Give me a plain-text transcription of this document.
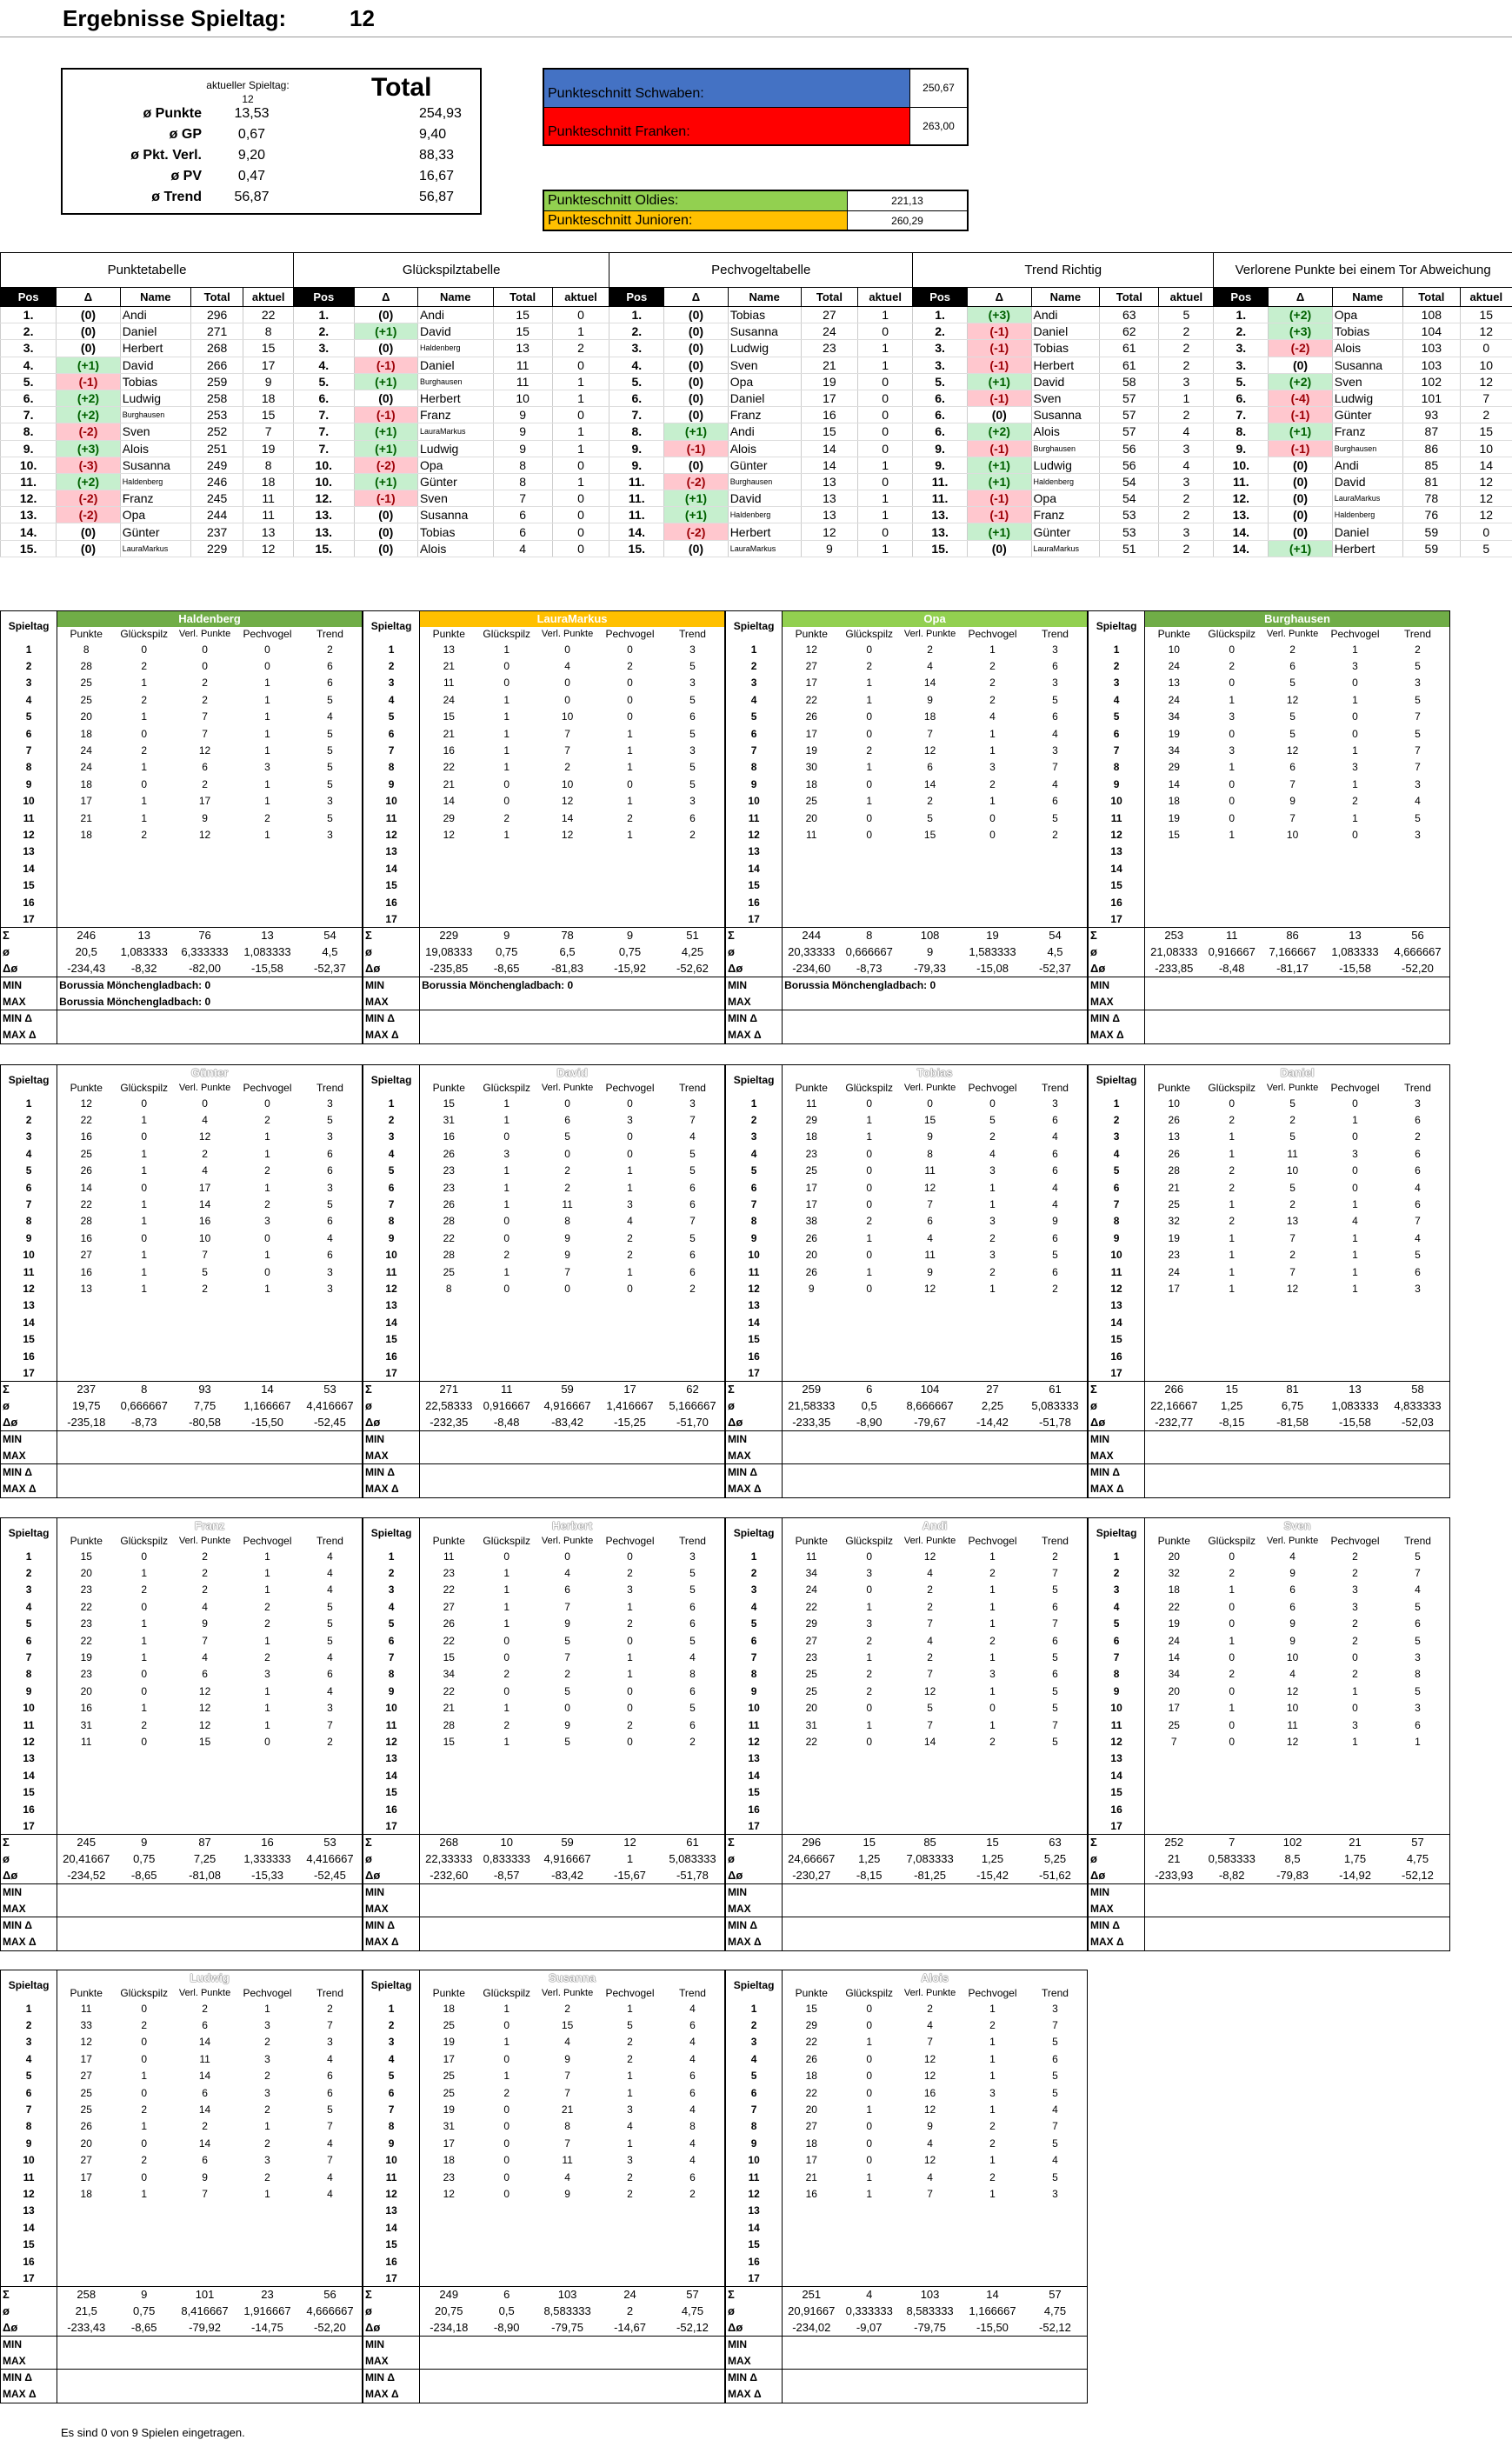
Ergebnisse Spieltag:	12
aktueller Spieltag: 12	Total
ø Punkte	13,53	254,93
ø GP	0,67	9,40
ø Pkt. Verl.	9,20	88,33
ø PV	0,47	16,67
ø Trend	56,87	56,87
Punkteschnitt Schwaben:	250,67
Punkteschnitt Franken:	263,00
Punkteschnitt Oldies:	221,13
Punkteschnitt Junioren:	260,29
Punktetabelle					Glückspilztabelle					Pechvogeltabelle					Trend Richtig					Verlorene Punkte bei einem Tor Abweichung				
Pos	Δ	Name	Total	aktuel	Pos	Δ	Name	Total	aktuel	Pos	Δ	Name	Total	aktuel	Pos	Δ	Name	Total	aktuel	Pos	Δ	Name	Total	aktuel
1.	(0)	Andi	296	22	1.	(0)	Andi	15	0	1.	(0)	Tobias	27	1	1.	(+3)	Andi	63	5	1.	(+2)	Opa	108	15
2.	(0)	Daniel	271	8	2.	(+1)	David	15	1	2.	(0)	Susanna	24	0	2.	(-1)	Daniel	62	2	2.	(+3)	Tobias	104	12
3.	(0)	Herbert	268	15	3.	(0)	Haldenberg	13	2	3.	(0)	Ludwig	23	1	3.	(-1)	Tobias	61	2	3.	(-2)	Alois	103	0
4.	(+1)	David	266	17	4.	(-1)	Daniel	11	0	4.	(0)	Sven	21	1	3.	(-1)	Herbert	61	2	3.	(0)	Susanna	103	10
5.	(-1)	Tobias	259	9	5.	(+1)	Burghausen	11	1	5.	(0)	Opa	19	0	5.	(+1)	David	58	3	5.	(+2)	Sven	102	12
6.	(+2)	Ludwig	258	18	6.	(0)	Herbert	10	1	6.	(0)	Daniel	17	0	6.	(-1)	Sven	57	1	6.	(-4)	Ludwig	101	7
7.	(+2)	Burghausen	253	15	7.	(-1)	Franz	9	0	7.	(0)	Franz	16	0	6.	(0)	Susanna	57	2	7.	(-1)	Günter	93	2
8.	(-2)	Sven	252	7	7.	(+1)	LauraMarkus	9	1	8.	(+1)	Andi	15	0	6.	(+2)	Alois	57	4	8.	(+1)	Franz	87	15
9.	(+3)	Alois	251	19	7.	(+1)	Ludwig	9	1	9.	(-1)	Alois	14	0	9.	(-1)	Burghausen	56	3	9.	(-1)	Burghausen	86	10
10.	(-3)	Susanna	249	8	10.	(-2)	Opa	8	0	9.	(0)	Günter	14	1	9.	(+1)	Ludwig	56	4	10.	(0)	Andi	85	14
11.	(+2)	Haldenberg	246	18	10.	(+1)	Günter	8	1	11.	(-2)	Burghausen	13	0	11.	(+1)	Haldenberg	54	3	11.	(0)	David	81	12
12.	(-2)	Franz	245	11	12.	(-1)	Sven	7	0	11.	(+1)	David	13	1	11.	(-1)	Opa	54	2	12.	(0)	LauraMarkus	78	12
13.	(-2)	Opa	244	11	13.	(0)	Susanna	6	0	11.	(+1)	Haldenberg	13	1	13.	(-1)	Franz	53	2	13.	(0)	Haldenberg	76	12
14.	(0)	Günter	237	13	13.	(0)	Tobias	6	0	14.	(-2)	Herbert	12	0	13.	(+1)	Günter	53	3	14.	(0)	Daniel	59	0
15.	(0)	LauraMarkus	229	12	15.	(0)	Alois	4	0	15.	(0)	LauraMarkus	9	1	15.	(0)	LauraMarkus	51	2	14.	(+1)	Herbert	59	5
Spieltag	Haldenberg				
	Punkte	Glückspilz	Verl. Punkte	Pechvogel	Trend
1	8	0	0	0	2
2	28	2	0	0	6
3	25	1	2	1	6
4	25	2	2	1	5
5	20	1	7	1	4
6	18	0	7	1	5
7	24	2	12	1	5
8	24	1	6	3	5
9	18	0	2	1	5
10	17	1	17	1	3
11	21	1	9	2	5
12	18	2	12	1	3
13					
14					
15					
16					
17					
Σ	246	13	76	13	54
ø	20,5	1,083333	6,333333	1,083333	4,5
Δø	-234,43	-8,32	-82,00	-15,58	-52,37
MIN	Borussia Mönchengladbach: 0				
MAX	Borussia Mönchengladbach: 0				
MIN Δ					
MAX Δ					
Spieltag	LauraMarkus				
	Punkte	Glückspilz	Verl. Punkte	Pechvogel	Trend
1	13	1	0	0	3
2	21	0	4	2	5
3	11	0	0	0	3
4	24	1	0	0	5
5	15	1	10	0	6
6	21	1	7	1	5
7	16	1	7	1	3
8	22	1	2	1	5
9	21	0	10	0	5
10	14	0	12	1	3
11	29	2	14	2	6
12	12	1	12	1	2
13					
14					
15					
16					
17					
Σ	229	9	78	9	51
ø	19,08333	0,75	6,5	0,75	4,25
Δø	-235,85	-8,65	-81,83	-15,92	-52,62
MIN	Borussia Mönchengladbach: 0				
MAX					
MIN Δ					
MAX Δ					
Spieltag	Opa				
	Punkte	Glückspilz	Verl. Punkte	Pechvogel	Trend
1	12	0	2	1	3
2	27	2	4	2	6
3	17	1	14	2	3
4	22	1	9	2	5
5	26	0	18	4	6
6	17	0	7	1	4
7	19	2	12	1	3
8	30	1	6	3	7
9	18	0	14	2	4
10	25	1	2	1	6
11	20	0	5	0	5
12	11	0	15	0	2
13					
14					
15					
16					
17					
Σ	244	8	108	19	54
ø	20,33333	0,666667	9	1,583333	4,5
Δø	-234,60	-8,73	-79,33	-15,08	-52,37
MIN	Borussia Mönchengladbach: 0				
MAX					
MIN Δ					
MAX Δ					
Spieltag	Burghausen				
	Punkte	Glückspilz	Verl. Punkte	Pechvogel	Trend
1	10	0	2	1	2
2	24	2	6	3	5
3	13	0	5	0	3
4	24	1	12	1	5
5	34	3	5	0	7
6	19	0	5	0	5
7	34	3	12	1	7
8	29	1	6	3	7
9	14	0	7	1	3
10	18	0	9	2	4
11	19	0	7	1	5
12	15	1	10	0	3
13					
14					
15					
16					
17					
Σ	253	11	86	13	56
ø	21,08333	0,916667	7,166667	1,083333	4,666667
Δø	-233,85	-8,48	-81,17	-15,58	-52,20
MIN					
MAX					
MIN Δ					
MAX Δ					
Spieltag	Günter				
	Punkte	Glückspilz	Verl. Punkte	Pechvogel	Trend
1	12	0	0	0	3
2	22	1	4	2	5
3	16	0	12	1	3
4	25	1	2	1	6
5	26	1	4	2	6
6	14	0	17	1	3
7	22	1	14	2	5
8	28	1	16	3	6
9	16	0	10	0	4
10	27	1	7	1	6
11	16	1	5	0	3
12	13	1	2	1	3
13					
14					
15					
16					
17					
Σ	237	8	93	14	53
ø	19,75	0,666667	7,75	1,166667	4,416667
Δø	-235,18	-8,73	-80,58	-15,50	-52,45
MIN					
MAX					
MIN Δ					
MAX Δ					
Spieltag	David				
	Punkte	Glückspilz	Verl. Punkte	Pechvogel	Trend
1	15	1	0	0	3
2	31	1	6	3	7
3	16	0	5	0	4
4	26	3	0	0	5
5	23	1	2	1	5
6	23	1	2	1	6
7	26	1	11	3	6
8	28	0	8	4	7
9	22	0	9	2	5
10	28	2	9	2	6
11	25	1	7	1	6
12	8	0	0	0	2
13					
14					
15					
16					
17					
Σ	271	11	59	17	62
ø	22,58333	0,916667	4,916667	1,416667	5,166667
Δø	-232,35	-8,48	-83,42	-15,25	-51,70
MIN					
MAX					
MIN Δ					
MAX Δ					
Spieltag	Tobias				
	Punkte	Glückspilz	Verl. Punkte	Pechvogel	Trend
1	11	0	0	0	3
2	29	1	15	5	6
3	18	1	9	2	4
4	23	0	8	4	6
5	25	0	11	3	6
6	17	0	12	1	4
7	17	0	7	1	4
8	38	2	6	3	9
9	26	1	4	2	6
10	20	0	11	3	5
11	26	1	9	2	6
12	9	0	12	1	2
13					
14					
15					
16					
17					
Σ	259	6	104	27	61
ø	21,58333	0,5	8,666667	2,25	5,083333
Δø	-233,35	-8,90	-79,67	-14,42	-51,78
MIN					
MAX					
MIN Δ					
MAX Δ					
Spieltag	Daniel				
	Punkte	Glückspilz	Verl. Punkte	Pechvogel	Trend
1	10	0	5	0	3
2	26	2	2	1	6
3	13	1	5	0	2
4	26	1	11	3	6
5	28	2	10	0	6
6	21	2	5	0	4
7	25	1	2	1	6
8	32	2	13	4	7
9	19	1	7	1	4
10	23	1	2	1	5
11	24	1	7	1	6
12	17	1	12	1	3
13					
14					
15					
16					
17					
Σ	266	15	81	13	58
ø	22,16667	1,25	6,75	1,083333	4,833333
Δø	-232,77	-8,15	-81,58	-15,58	-52,03
MIN					
MAX					
MIN Δ					
MAX Δ					
Spieltag	Franz				
	Punkte	Glückspilz	Verl. Punkte	Pechvogel	Trend
1	15	0	2	1	4
2	20	1	2	1	4
3	23	2	2	1	4
4	22	0	4	2	5
5	23	1	9	2	5
6	22	1	7	1	5
7	19	1	4	2	4
8	23	0	6	3	6
9	20	0	12	1	4
10	16	1	12	1	3
11	31	2	12	1	7
12	11	0	15	0	2
13					
14					
15					
16					
17					
Σ	245	9	87	16	53
ø	20,41667	0,75	7,25	1,333333	4,416667
Δø	-234,52	-8,65	-81,08	-15,33	-52,45
MIN					
MAX					
MIN Δ					
MAX Δ					
Spieltag	Herbert				
	Punkte	Glückspilz	Verl. Punkte	Pechvogel	Trend
1	11	0	0	0	3
2	23	1	4	2	5
3	22	1	6	3	5
4	27	1	7	1	6
5	26	1	9	2	6
6	22	0	5	0	5
7	15	0	7	1	4
8	34	2	2	1	8
9	22	0	5	0	6
10	21	1	0	0	5
11	28	2	9	2	6
12	15	1	5	0	2
13					
14					
15					
16					
17					
Σ	268	10	59	12	61
ø	22,33333	0,833333	4,916667	1	5,083333
Δø	-232,60	-8,57	-83,42	-15,67	-51,78
MIN					
MAX					
MIN Δ					
MAX Δ					
Spieltag	Andi				
	Punkte	Glückspilz	Verl. Punkte	Pechvogel	Trend
1	11	0	12	1	2
2	34	3	4	2	7
3	24	0	2	1	5
4	22	1	2	1	6
5	29	3	7	1	7
6	27	2	4	2	6
7	23	1	2	1	5
8	25	2	7	3	6
9	25	2	12	1	5
10	20	0	5	0	5
11	31	1	7	1	7
12	22	0	14	2	5
13					
14					
15					
16					
17					
Σ	296	15	85	15	63
ø	24,66667	1,25	7,083333	1,25	5,25
Δø	-230,27	-8,15	-81,25	-15,42	-51,62
MIN					
MAX					
MIN Δ					
MAX Δ					
Spieltag	Sven				
	Punkte	Glückspilz	Verl. Punkte	Pechvogel	Trend
1	20	0	4	2	5
2	32	2	9	2	7
3	18	1	6	3	4
4	22	0	6	3	5
5	19	0	9	2	6
6	24	1	9	2	5
7	14	0	10	0	3
8	34	2	4	2	8
9	20	0	12	1	5
10	17	1	10	0	3
11	25	0	11	3	6
12	7	0	12	1	1
13					
14					
15					
16					
17					
Σ	252	7	102	21	57
ø	21	0,583333	8,5	1,75	4,75
Δø	-233,93	-8,82	-79,83	-14,92	-52,12
MIN					
MAX					
MIN Δ					
MAX Δ					
Spieltag	Ludwig				
	Punkte	Glückspilz	Verl. Punkte	Pechvogel	Trend
1	11	0	2	1	2
2	33	2	6	3	7
3	12	0	14	2	3
4	17	0	11	3	4
5	27	1	14	2	6
6	25	0	6	3	6
7	25	2	14	2	5
8	26	1	2	1	7
9	20	0	14	2	4
10	27	2	6	3	7
11	17	0	9	2	4
12	18	1	7	1	4
13					
14					
15					
16					
17					
Σ	258	9	101	23	56
ø	21,5	0,75	8,416667	1,916667	4,666667
Δø	-233,43	-8,65	-79,92	-14,75	-52,20
MIN					
MAX					
MIN Δ					
MAX Δ					
Spieltag	Susanna				
	Punkte	Glückspilz	Verl. Punkte	Pechvogel	Trend
1	18	1	2	1	4
2	25	0	15	5	6
3	19	1	4	2	4
4	17	0	9	2	4
5	25	1	7	1	6
6	25	2	7	1	6
7	19	0	21	3	4
8	31	0	8	4	8
9	17	0	7	1	4
10	18	0	11	3	4
11	23	0	4	2	6
12	12	0	9	2	2
13					
14					
15					
16					
17					
Σ	249	6	103	24	57
ø	20,75	0,5	8,583333	2	4,75
Δø	-234,18	-8,90	-79,75	-14,67	-52,12
MIN					
MAX					
MIN Δ					
MAX Δ					
Spieltag	Alois				
	Punkte	Glückspilz	Verl. Punkte	Pechvogel	Trend
1	15	0	2	1	3
2	29	0	4	2	7
3	22	1	7	1	5
4	26	0	12	1	6
5	18	0	12	1	5
6	22	0	16	3	5
7	20	1	12	1	4
8	27	0	9	2	7
9	18	0	4	2	5
10	17	0	12	1	4
11	21	1	4	2	5
12	16	1	7	1	3
13					
14					
15					
16					
17					
Σ	251	4	103	14	57
ø	20,91667	0,333333	8,583333	1,166667	4,75
Δø	-234,02	-9,07	-79,75	-15,50	-52,12
MIN					
MAX					
MIN Δ					
MAX Δ					
Es sind 0 von 9 Spielen eingetragen.
